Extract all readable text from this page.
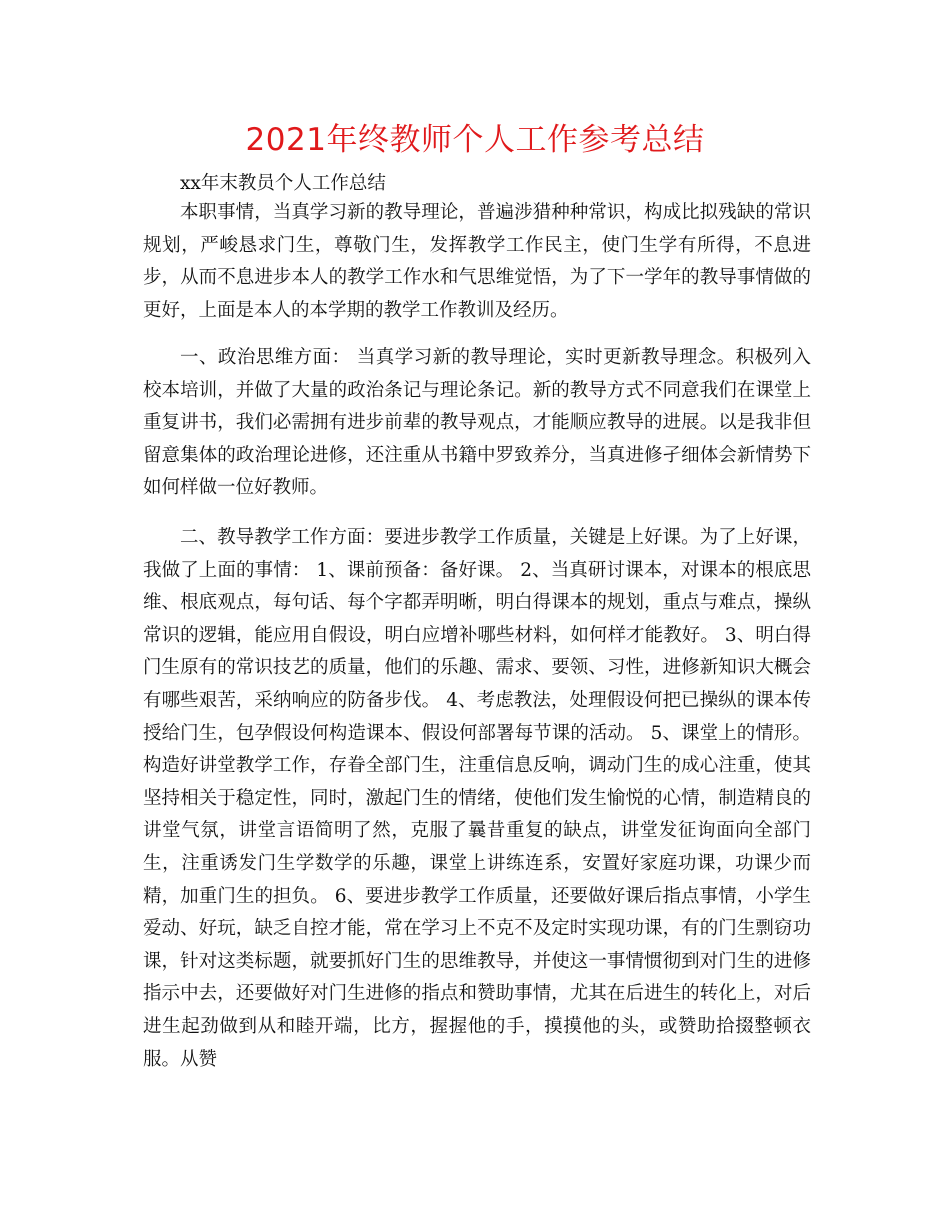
2021年终教师个人工作参考总结
xx年末教员个人工作总结

本职事情，当真学习新的教导理论，普遍涉猎种种常识，构成比拟残缺的常识规划，严峻恳求门生，尊敬门生，发挥教学工作民主，使门生学有所得，不息进步，从而不息进步本人的教学工作水和气思维觉悟，为了下一学年的教导事情做的更好，上面是本人的本学期的教学工作教训及经历。

一、政治思维方面： 当真学习新的教导理论，实时更新教导理念。积极列入校本培训，并做了大量的政治条记与理论条记。新的教导方式不同意我们在课堂上重复讲书，我们必需拥有进步前辈的教导观点，才能顺应教导的进展。以是我非但留意集体的政治理论进修，还注重从书籍中罗致养分，当真进修孑细体会新情势下如何样做一位好教师。

二、教导教学工作方面：要进步教学工作质量，关键是上好课。为了上好课，我做了上面的事情： 1、课前预备：备好课。 2、当真研讨课本，对课本的根底思维、根底观点，每句话、每个字都弄明晰，明白得课本的规划，重点与难点，操纵常识的逻辑，能应用自假设，明白应增补哪些材料，如何样才能教好。 3、明白得门生原有的常识技艺的质量，他们的乐趣、需求、要领、习性，进修新知识大概会有哪些艰苦，采纳响应的防备步伐。 4、考虑教法，处理假设何把已操纵的课本传授给门生，包孕假设何构造课本、假设何部署每节课的活动。 5、课堂上的情形。构造好讲堂教学工作，存眷全部门生，注重信息反响，调动门生的成心注重，使其坚持相关于稳定性，同时，激起门生的情绪，使他们发生愉悦的心情，制造精良的讲堂气氛，讲堂言语简明了然，克服了曩昔重复的缺点，讲堂发征询面向全部门生，注重诱发门生学数学的乐趣，课堂上讲练连系，安置好家庭功课，功课少而精，加重门生的担负。 6、要进步教学工作质量，还要做好课后指点事情，小学生爱动、好玩，缺乏自控才能，常在学习上不克不及定时实现功课，有的门生剽窃功课，针对这类标题，就要抓好门生的思维教导，并使这一事情惯彻到对门生的进修指示中去，还要做好对门生进修的指点和赞助事情，尤其在后进生的转化上，对后进生起劲做到从和睦开端，比方，握握他的手，摸摸他的头，或赞助拾掇整顿衣服。从赞
